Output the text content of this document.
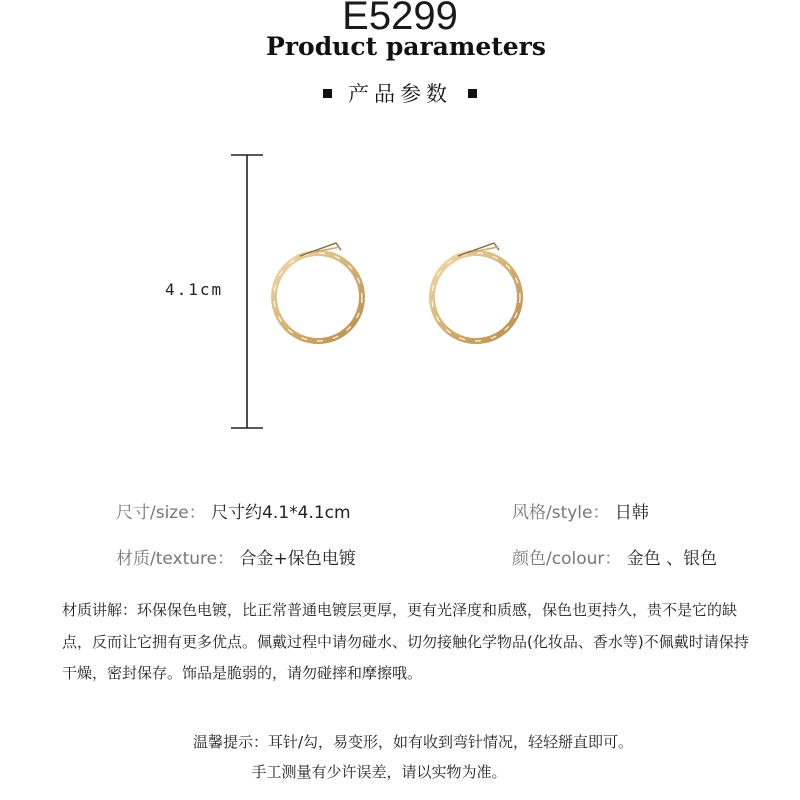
E5299
Product parameters
产品参数
4.1cm
尺寸/size： 尺寸约4.1*4.1cm	风格/style： 日韩
材质/texture： 合金+保色电镀	颜色/colour： 金色 、银色
材质讲解：环保保色电镀，比正常普通电镀层更厚，更有光泽度和质感，保色也更持久，贵不是它的缺点，反而让它拥有更多优点。佩戴过程中请勿碰水、切勿接触化学物品(化妆品、香水等)不佩戴时请保持干燥，密封保存。饰品是脆弱的，请勿碰摔和摩擦哦。
温馨提示：耳针/勾，易变形，如有收到弯针情况，轻轻掰直即可。
手工测量有少许误差，请以实物为准。
